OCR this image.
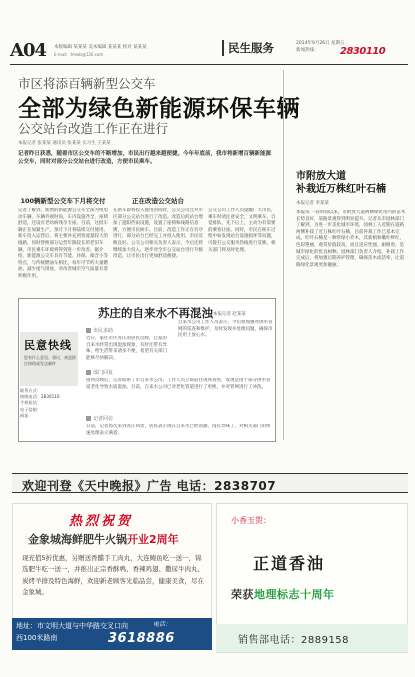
A04 本版编辑 某某某 美术编辑 某某某 校对 某某某
E-mail：tmwb@126.com	民生服务	2014年9月26日 星期五
新闻热线：	2830110
市区将添百辆新型公交车
全部为绿色新能源环保车辆
公交站台改造工作正在进行
本报记者 张某某 通讯员 张某某 实习生 王某某
记者昨日获悉，随着市区公交车的不断增加，市民出行越来越便捷。今年年底前，我市将新增百辆新能源公交车，同时对部分公交站台进行改造，方便市民乘车。
100辆新型公交车下月将交付
记者了解到，新增的新能源公交车全部为纯电动车辆，车辆外观时尚，车内设施齐全，座椅舒适，还设有老幼病残孕专座。目前，这批车辆正在加紧生产，预计下月将陆续交付使用。新车投入运营后，将主要补充到客流量较大的线路，同时替换部分运营年限较长的老旧车辆，市民乘车环境将得到进一步改善。据介绍，新能源公交车具有节能、环保、噪音小等特点，与传统燃油车相比，每年可节约大量燃油，减少尾气排放，对改善城市空气质量有着积极作用。
正在改造公交站台
在新车即将投入使用的同时，公交公司还对市区部分公交站台进行了改造。改造后的站台增加了遮阳挡雨设施，设置了座椅和线路信息牌，方便市民候车。目前，改造工作正在有序进行，部分站台已经完工并投入使用，市民反映良好。公交公司相关负责人表示，今后还将继续加大投入，逐步对全市公交站台进行升级改造，让市民出行更加舒适便捷。
公交公司工作人员提醒广大市民，乘车时请注意安全，文明乘车，自觉排队，先下后上，主动为有需要的乘客让座。同时，市民在候车过程中如发现站台设施损坏等问题，可拨打公交服务热线进行反映，相关部门将及时处理。
市附放大道
补栽近万株红叶石楠
本报记者 李某某
本报讯 一段时间以来，市附放大道两侧绿化带内的苗木长势良好，道路景观得到明显提升。记者从市园林部门了解到，为进一步美化城市环境，园林工人近期在道路两侧补栽了近万株红叶石楠，目前补栽工作已基本完成。红叶石楠是一种常绿小乔木，其新梢和嫩叶鲜红，色彩艳丽，观赏价值较高，而且适应性强，耐修剪，是城市绿化的优良树种。园林部门负责人介绍，补栽工作完成后，将加强后期养护管理，确保苗木成活率，让道路绿化景观更加靓丽。
民意快线
您有什么意见、建议，欢迎拨打热线或发送邮件
联系方式：
热线电话：2830110
手机短信：
电子信箱：
网址：
苏庄的自来水不再混浊 本报记者 赵某某
市民求助
近日，家住市区苏庄的居民反映，自家的自来水经常出现混浊现象，有时还带有异味，给生活带来诸多不便，希望有关部门能够尽快解决。
部门回复
接到反映后，记者联系了市自来水公司。工作人员立即前往现场查看，发现是由于部分供水管道老化导致水质混浊。目前，自来水公司已对老化管道进行了更换，并对管网进行了冲洗。
记者回访
日前，记者再次来到苏庄回访，居民表示现在自来水已经清澈，没有异味了，对相关部门的快速处理表示满意。
自来水公司工作人员表示，今后将加强对供水管网的巡查和维护，及时发现并处理问题，确保市民用上放心水。
欢迎刊登《天中晚报》广告 电话：2838707
热烈祝贺
金象城海鲜肥牛火锅开业2周年
现充值5折优惠，另赠送香醋手工肉丸，大连鲍鱼吃一送一，锦选肥牛吃一送一，并推出正宗香酥鸭、香辣鸡翅、撒尿牛肉丸、炭烤羊排及特色海鲜，欢迎新老顾客光临品尝，健康美食，尽在金象城。
地址：市文明大道与中华路交叉口向西100米路南
电话：
3618886
小香玉贺：
正道香油
荣获地理标志十周年
销售部电话：2889158
